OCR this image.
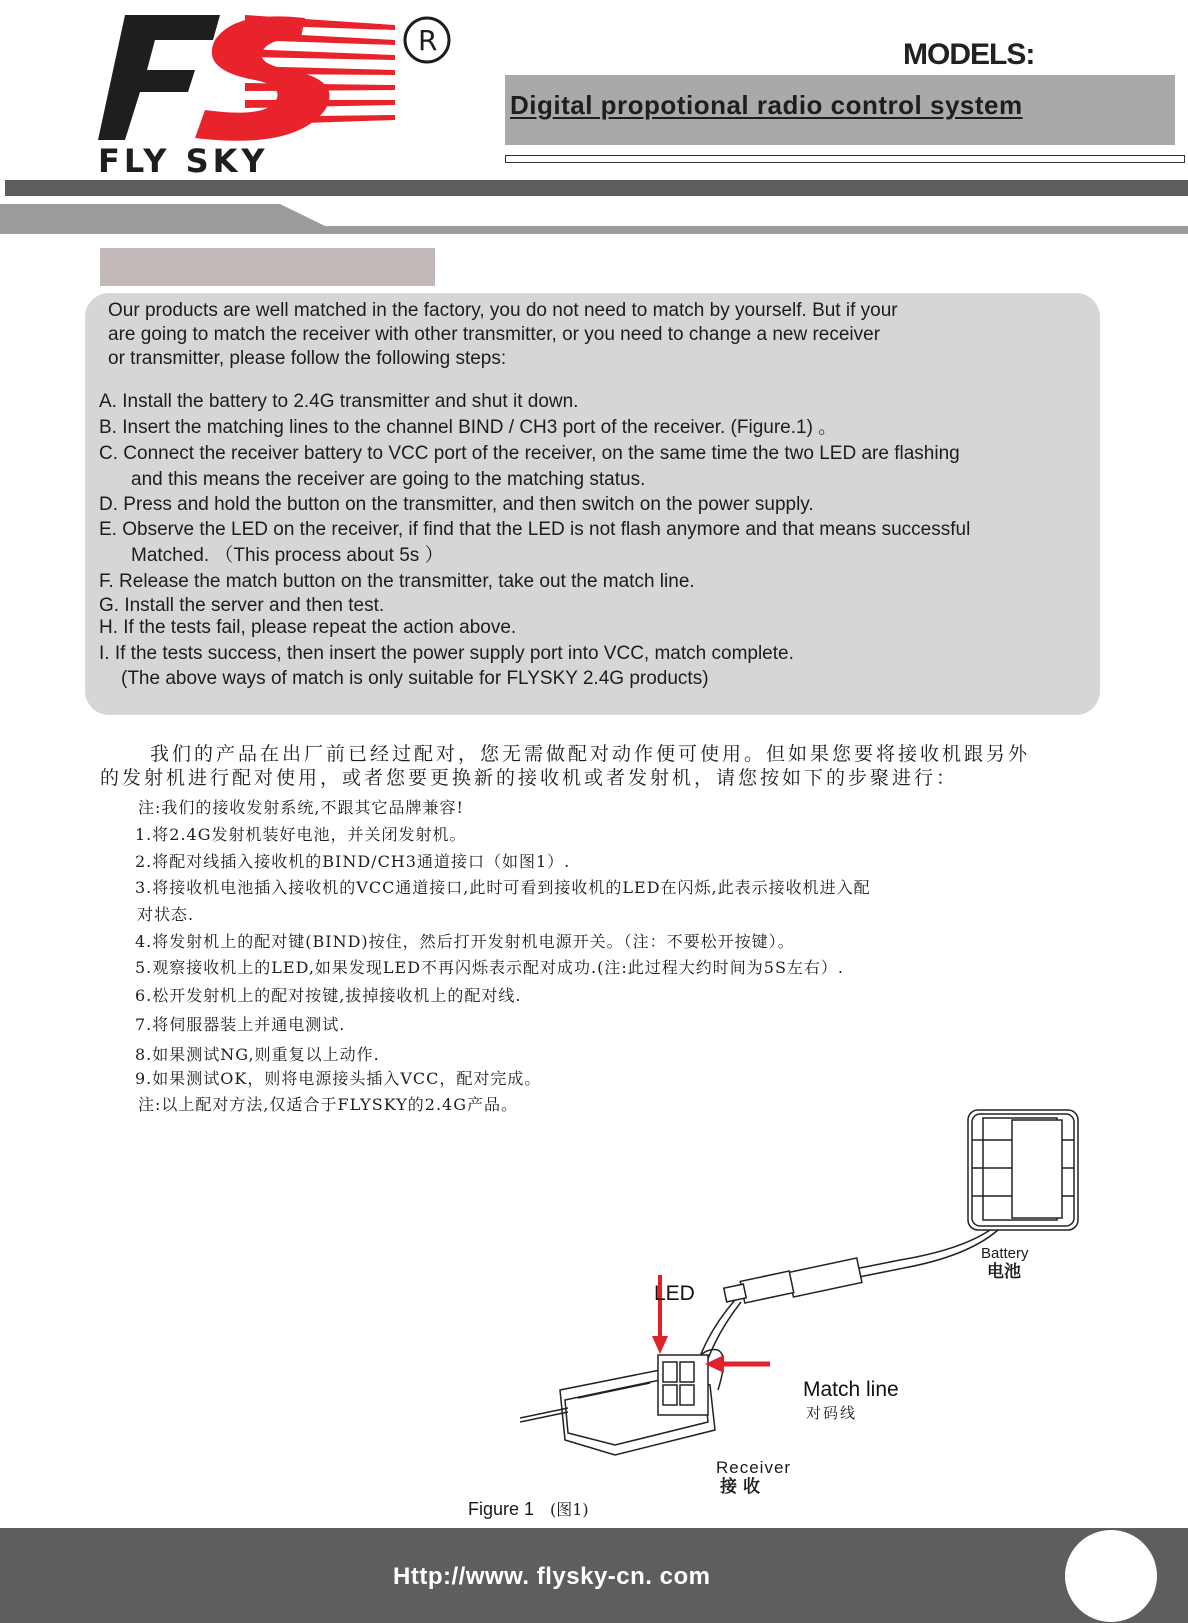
FLY SKY
R	MODELS:
Digital propotional radio control system
Our products are well matched in the factory, you do not need to match by yourself. But if your
are going to match the receiver with other transmitter, or you need to change a new receiver
or transmitter, please follow the following steps:
A. Install the battery to 2.4G transmitter and shut it down.
B. Insert the matching lines to the channel BIND / CH3 port of the receiver. (Figure.1) 。
C. Connect the receiver battery to VCC port of the receiver, on the same time the two LED are flashing
and this means the receiver are going to the matching status.
D. Press and hold the button on the transmitter, and then switch on the power supply.
E. Observe the LED on the receiver, if find that the LED is not flash anymore and that means successful
Matched. （This process about 5s ）
F. Release the match button on the transmitter, take out the match line.
G. Install the server and then test.
H. If the tests fail, please repeat the action above.
I. If the tests success, then insert the power supply port into VCC, match complete.
(The above ways of match is only suitable for FLYSKY 2.4G products)
我们的产品在出厂前已经过配对，您无需做配对动作便可使用。但如果您要将接收机跟另外
的发射机进行配对使用，或者您要更换新的接收机或者发射机，请您按如下的步聚进行：
注:我们的接收发射系统,不跟其它品牌兼容!
1.将2.4G发射机装好电池，并关闭发射机。
2.将配对线插入接收机的BIND/CH3通道接口（如图1）.
3.将接收机电池插入接收机的VCC通道接口,此时可看到接收机的LED在闪烁,此表示接收机进入配
对状态.
4.将发射机上的配对键(BIND)按住，然后打开发射机电源开关。（注：不要松开按键）。
5.观察接收机上的LED,如果发现LED不再闪烁表示配对成功.(注:此过程大约时间为5S左右）.
6.松开发射机上的配对按键,拔掉接收机上的配对线.
7.将伺服器装上并通电测试.
8.如果测试NG,则重复以上动作.
9.如果测试OK，则将电源接头插入VCC，配对完成。
注:以上配对方法,仅适合于FLYSKY的2.4G产品。
Battery
电池
LED
Match line
对码线
Receiver
接收
Figure 1 (图1)
Http://www. flysky-cn. com
